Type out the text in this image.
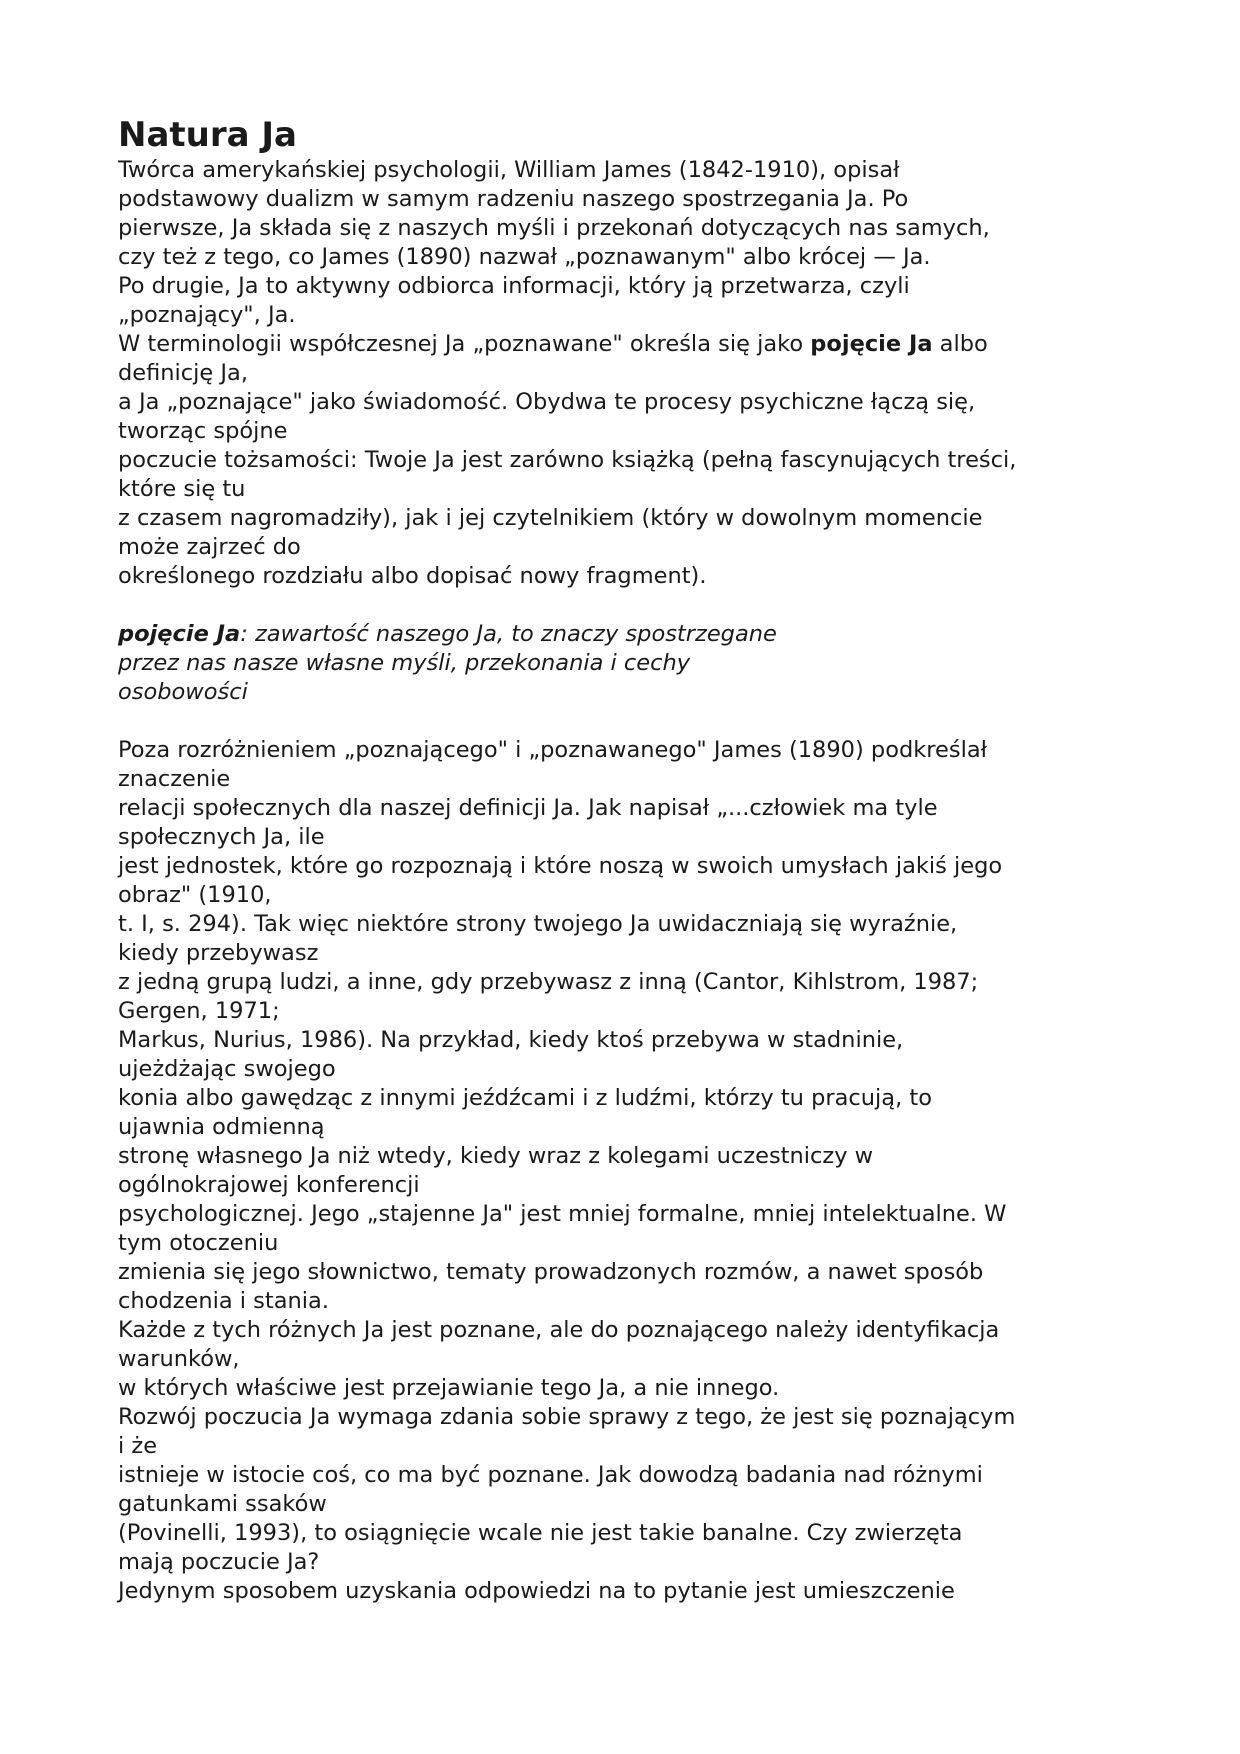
Natura Ja
Twórca amerykańskiej psychologii, William James (1842-1910), opisał
podstawowy dualizm w samym radzeniu naszego spostrzegania Ja. Po
pierwsze, Ja składa się z naszych myśli i przekonań dotyczących nas samych,
czy też z tego, co James (1890) nazwał „poznawanym" albo krócej — Ja.
Po drugie, Ja to aktywny odbiorca informacji, który ją przetwarza, czyli
„poznający", Ja.
W terminologii współczesnej Ja „poznawane" określa się jako pojęcie Ja albo
definicję Ja,
a Ja „poznające" jako świadomość. Obydwa te procesy psychiczne łączą się,
tworząc spójne
poczucie tożsamości: Twoje Ja jest zarówno książką (pełną fascynujących treści,
które się tu
z czasem nagromadziły), jak i jej czytelnikiem (który w dowolnym momencie
może zajrzeć do
określonego rozdziału albo dopisać nowy fragment).
pojęcie Ja: zawartość naszego Ja, to znaczy spostrzegane
przez nas nasze własne myśli, przekonania i cechy
osobowości
Poza rozróżnieniem „poznającego" i „poznawanego" James (1890) podkreślał
znaczenie
relacji społecznych dla naszej definicji Ja. Jak napisał „...człowiek ma tyle
społecznych Ja, ile
jest jednostek, które go rozpoznają i które noszą w swoich umysłach jakiś jego
obraz" (1910,
t. I, s. 294). Tak więc niektóre strony twojego Ja uwidaczniają się wyraźnie,
kiedy przebywasz
z jedną grupą ludzi, a inne, gdy przebywasz z inną (Cantor, Kihlstrom, 1987;
Gergen, 1971;
Markus, Nurius, 1986). Na przykład, kiedy ktoś przebywa w stadninie,
ujeżdżając swojego
konia albo gawędząc z innymi jeźdźcami i z ludźmi, którzy tu pracują, to
ujawnia odmienną
stronę własnego Ja niż wtedy, kiedy wraz z kolegami uczestniczy w
ogólnokrajowej konferencji
psychologicznej. Jego „stajenne Ja" jest mniej formalne, mniej intelektualne. W
tym otoczeniu
zmienia się jego słownictwo, tematy prowadzonych rozmów, a nawet sposób
chodzenia i stania.
Każde z tych różnych Ja jest poznane, ale do poznającego należy identyfikacja
warunków,
w których właściwe jest przejawianie tego Ja, a nie innego.
Rozwój poczucia Ja wymaga zdania sobie sprawy z tego, że jest się poznającym
i że
istnieje w istocie coś, co ma być poznane. Jak dowodzą badania nad różnymi
gatunkami ssaków
(Povinelli, 1993), to osiągnięcie wcale nie jest takie banalne. Czy zwierzęta
mają poczucie Ja?
Jedynym sposobem uzyskania odpowiedzi na to pytanie jest umieszczenie
